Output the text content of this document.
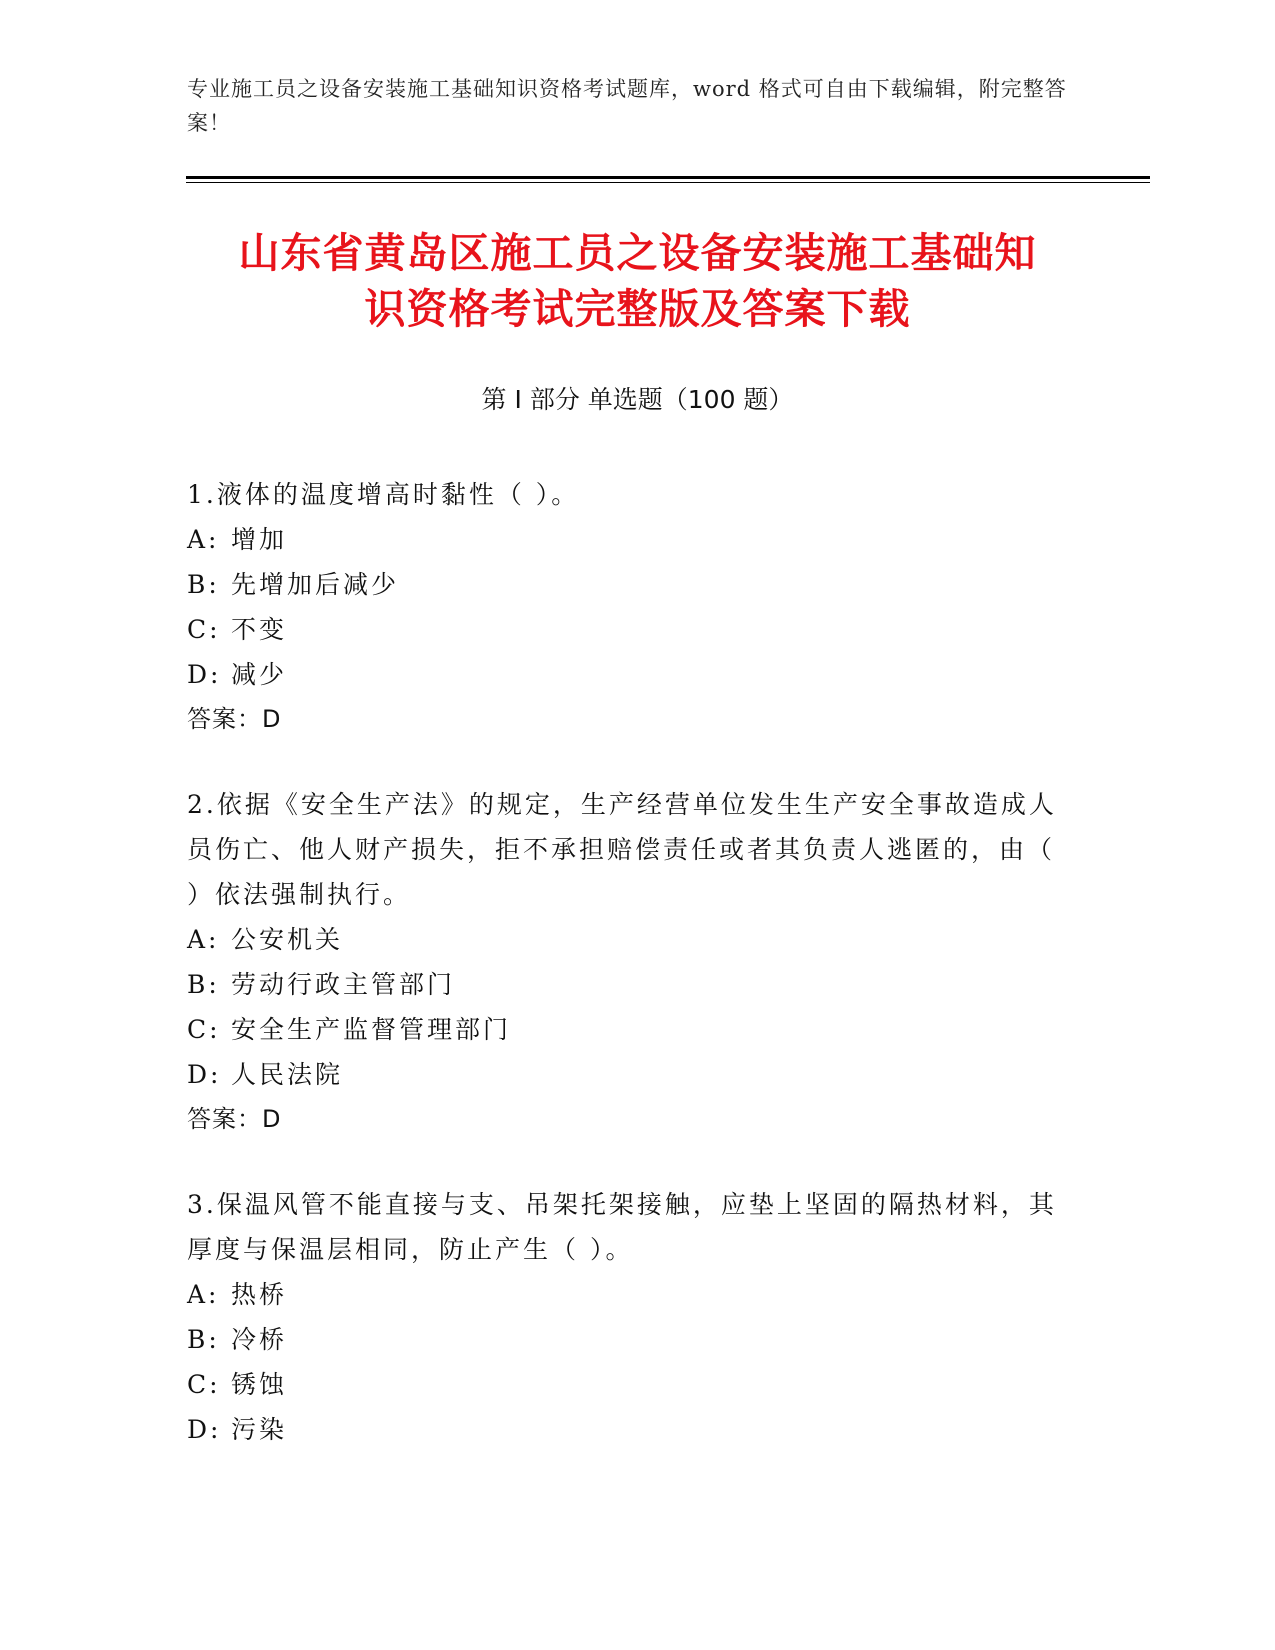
专业施工员之设备安装施工基础知识资格考试题库，word 格式可自由下载编辑，附完整答案！
山东省黄岛区施工员之设备安装施工基础知
识资格考试完整版及答案下载
第 I 部分 单选题（100 题）

1.液体的温度增高时黏性（ ）。

A: 增加

B: 先增加后减少

C: 不变

D: 减少

答案：D

2.依据《安全生产法》的规定，生产经营单位发生生产安全事故造成人员伤亡、他人财产损失，拒不承担赔偿责任或者其负责人逃匿的，由（ ）依法强制执行。

A: 公安机关

B: 劳动行政主管部门

C: 安全生产监督管理部门

D: 人民法院

答案：D

3.保温风管不能直接与支、吊架托架接触，应垫上坚固的隔热材料，其厚度与保温层相同，防止产生（ ）。

A: 热桥

B: 冷桥

C: 锈蚀

D: 污染
